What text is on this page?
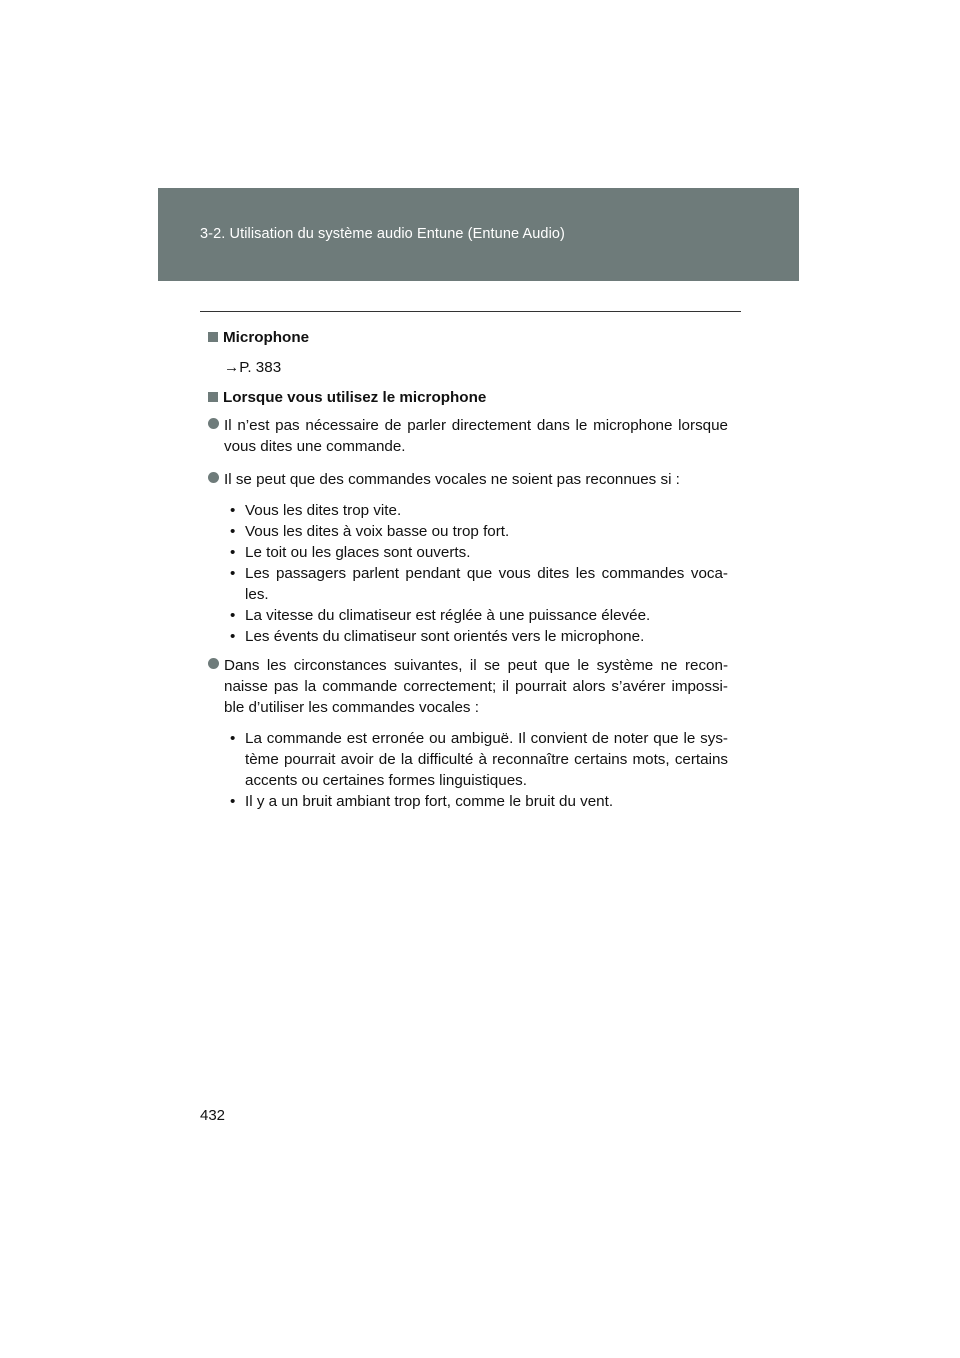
3-2. Utilisation du système audio Entune (Entune Audio)
Microphone
→P. 383
Lorsque vous utilisez le microphone
Il n’est pas nécessaire de parler directement dans le microphone lorsque vous dites une commande.
Il se peut que des commandes vocales ne soient pas reconnues si :
• Vous les dites trop vite.
• Vous les dites à voix basse ou trop fort.
• Le toit ou les glaces sont ouverts.
• Les passagers parlent pendant que vous dites les commandes voca-les.
• La vitesse du climatiseur est réglée à une puissance élevée.
• Les évents du climatiseur sont orientés vers le microphone.
Dans les circonstances suivantes, il se peut que le système ne recon-naisse pas la commande correctement; il pourrait alors s’avérer impossi-ble d’utiliser les commandes vocales :
• La commande est erronée ou ambiguë. Il convient de noter que le sys-tème pourrait avoir de la difficulté à reconnaître certains mots, certains accents ou certaines formes linguistiques.
• Il y a un bruit ambiant trop fort, comme le bruit du vent.
432
